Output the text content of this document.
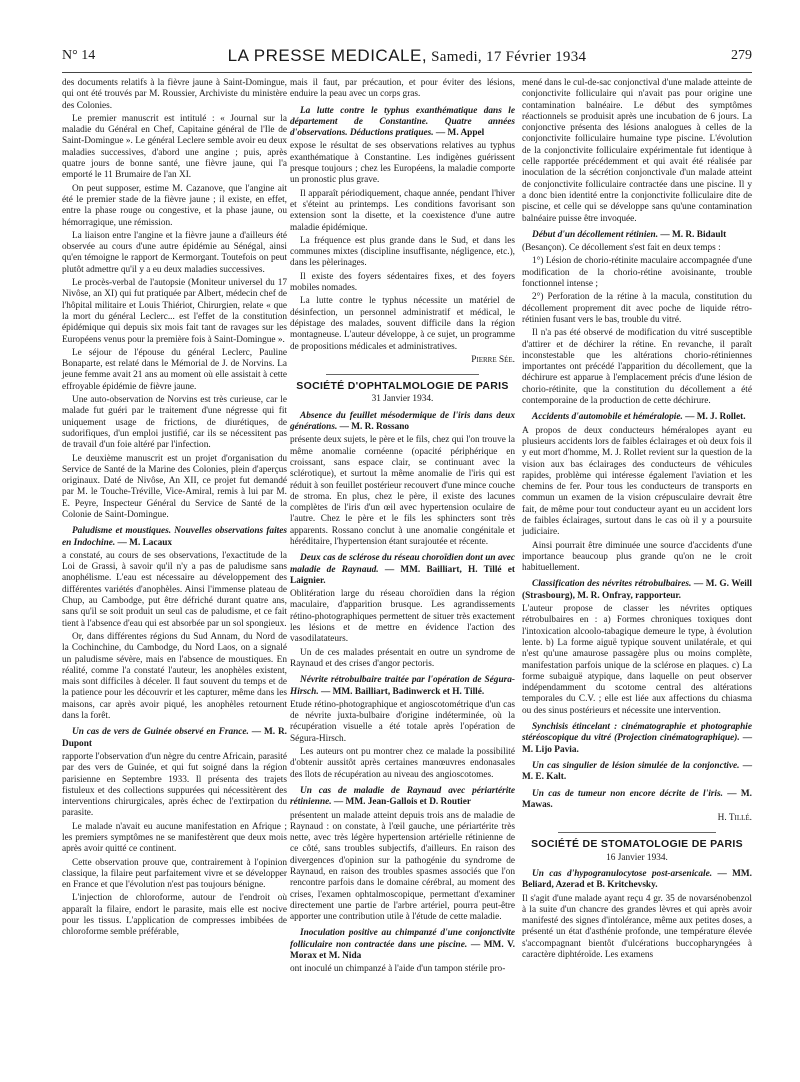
N° 14	LA PRESSE MEDICALE, Samedi, 17 Février 1934	279

des documents relatifs à la fièvre jaune à Saint-Domingue, qui ont été trouvés par M. Roussier, Archiviste du ministère des Colonies.

Le premier manuscrit est intitulé : « Journal sur la maladie du Général en Chef, Capitaine général de l'Ile de Saint-Domingue ». Le général Leclere semble avoir eu deux maladies successives, d'abord une angine ; puis, après quatre jours de bonne santé, une fièvre jaune, qui l'a emporté le 11 Brumaire de l'an XI.

On peut supposer, estime M. Cazanove, que l'angine ait été le premier stade de la fièvre jaune ; il existe, en effet, entre la phase rouge ou congestive, et la phase jaune, ou hémorragique, une rémission.

La liaison entre l'angine et la fièvre jaune a d'ailleurs été observée au cours d'une autre épidémie au Sénégal, ainsi qu'en témoigne le rapport de Kermorgant. Toutefois on peut plutôt admettre qu'il y a eu deux maladies successives.

Le procès-verbal de l'autopsie (Moniteur universel du 17 Nivôse, an XI) qui fut pratiquée par Albert, médecin chef de l'hôpital militaire et Louis Thiériot, Chirurgien, relate « que la mort du général Leclerc... est l'effet de la constitution épidémique qui depuis six mois fait tant de ravages sur les Européens venus pour la première fois à Saint-Domingue ».

Le séjour de l'épouse du général Leclerc, Pauline Bonaparte, est relaté dans le Mémorial de J. de Norvins. La jeune femme avait 21 ans au moment où elle assistait à cette effroyable épidémie de fièvre jaune.

Une auto-observation de Norvins est très curieuse, car le malade fut guéri par le traitement d'une négresse qui fit uniquement usage de frictions, de diurétiques, de sudorifiques, d'un emploi justifié, car ils se nécessitent pas de travail d'un foie altéré par l'infection.

Le deuxième manuscrit est un projet d'organisation du Service de Santé de la Marine des Colonies, plein d'aperçus originaux. Daté de Nivôse, An XII, ce projet fut demandé par M. le Touche-Tréville, Vice-Amiral, remis à lui par M. E. Peyre, Inspecteur Général du Service de Santé de la Colonie de Saint-Domingue.

Paludisme et moustiques. Nouvelles observations faites en Indochine. — M. Lacaux

a constaté, au cours de ses observations, l'exactitude de la Loi de Grassi, à savoir qu'il n'y a pas de paludisme sans anophélisme. L'eau est nécessaire au développement des différentes variétés d'anophèles. Ainsi l'immense plateau de Chup, au Cambodge, put être défriché durant quatre ans, sans qu'il se soit produit un seul cas de paludisme, et ce fait tient à l'absence d'eau qui est absorbée par un sol spongieux.

Or, dans différentes régions du Sud Annam, du Nord de la Cochinchine, du Cambodge, du Nord Laos, on a signalé un paludisme sévère, mais en l'absence de moustiques. En réalité, comme l'a constaté l'auteur, les anophèles existent, mais sont difficiles à déceler. Il faut souvent du temps et de la patience pour les découvrir et les capturer, même dans les maisons, car après avoir piqué, les anophèles retournent dans la forêt.

Un cas de vers de Guinée observé en France. — M. R. Dupont

rapporte l'observation d'un nègre du centre Africain, parasité par des vers de Guinée, et qui fut soigné dans la région parisienne en Septembre 1933. Il présenta des trajets fistuleux et des collections suppurées qui nécessitèrent des interventions chirurgicales, après échec de l'extirpation du parasite.

Le malade n'avait eu aucune manifestation en Afrique ; les premiers symptômes ne se manifestèrent que deux mois après avoir quitté ce continent.

Cette observation prouve que, contrairement à l'opinion classique, la filaire peut parfaitement vivre et se développer en France et que l'évolution n'est pas toujours bénigne.

L'injection de chloroforme, autour de l'endroit où apparaît la filaire, endort le parasite, mais elle est nocive pour les tissus. L'application de compresses imbibées de chloroforme semble préférable,

mais il faut, par précaution, et pour éviter des lésions, enduire la peau avec un corps gras.

La lutte contre le typhus exanthématique dans le département de Constantine. Quatre années d'observations. Déductions pratiques. — M. Appel

expose le résultat de ses observations relatives au typhus exanthématique à Constantine. Les indigènes guérissent presque toujours ; chez les Européens, la maladie comporte un pronostic plus grave.

Il apparaît périodiquement, chaque année, pendant l'hiver et s'éteint au printemps. Les conditions favorisant son extension sont la disette, et la coexistence d'une autre maladie épidémique.

La fréquence est plus grande dans le Sud, et dans les communes mixtes (discipline insuffisante, négligence, etc.), dans les pèlerinages.

Il existe des foyers sédentaires fixes, et des foyers mobiles nomades.

La lutte contre le typhus nécessite un matériel de désinfection, un personnel administratif et médical, le dépistage des malades, souvent difficile dans la région montagneuse. L'auteur développe, à ce sujet, un programme de propositions médicales et administratives.

Pierre Sée.

SOCIÉTÉ D'OPHTALMOLOGIE DE PARIS

31 Janvier 1934.

Absence du feuillet mésodermique de l'iris dans deux générations. — M. R. Rossano

présente deux sujets, le père et le fils, chez qui l'on trouve la même anomalie cornéenne (opacité périphérique en croissant, sans espace clair, se continuant avec la sclérotique), et surtout la même anomalie de l'iris qui est réduit à son feuillet postérieur recouvert d'une mince couche de stroma. En plus, chez le père, il existe des lacunes complètes de l'iris d'un œil avec hypertension oculaire de l'autre. Chez le père et le fils les sphincters sont très apparents. Rossano conclut à une anomalie congénitale et héréditaire, l'hypertension étant surajoutée et récente.

Deux cas de sclérose du réseau choroïdien dont un avec maladie de Raynaud. — MM. Bailliart, H. Tillé et Laignier.

Oblitération large du réseau choroïdien dans la région maculaire, d'apparition brusque. Les agrandissements rétino-photographiques permettent de situer très exactement les lésions et de mettre en évidence l'action des vasodilatateurs.

Un de ces malades présentait en outre un syndrome de Raynaud et des crises d'angor pectoris.

Névrite rétrobulbaire traitée par l'opération de Ségura-Hirsch. — MM. Bailliart, Badinwerck et H. Tillé.

Etude rétino-photographique et angioscotométrique d'un cas de névrite juxta-bulbaire d'origine indéterminée, où la récupération visuelle a été totale après l'opération de Ségura-Hirsch.

Les auteurs ont pu montrer chez ce malade la possibilité d'obtenir aussitôt après certaines manœuvres endonasales des îlots de récupération au niveau des angioscotomes.

Un cas de maladie de Raynaud avec périartérite rétinienne. — MM. Jean-Gallois et D. Routier

présentent un malade atteint depuis trois ans de maladie de Raynaud : on constate, à l'œil gauche, une périartérite très nette, avec très légère hypertension artérielle rétinienne de ce côté, sans troubles subjectifs, d'ailleurs. En raison des divergences d'opinion sur la pathogénie du syndrome de Raynaud, en raison des troubles spasmes associés que l'on rencontre parfois dans le domaine cérébral, au moment des crises, l'examen ophtalmoscopique, permettant d'examiner directement une partie de l'arbre artériel, pourra peut-être apporter une contribution utile à l'étude de cette maladie.

Inoculation positive au chimpanzé d'une conjonctivite folliculaire non contractée dans une piscine. — MM. V. Morax et M. Nida

ont inoculé un chimpanzé à l'aide d'un tampon stérile pro-

mené dans le cul-de-sac conjonctival d'une malade atteinte de conjonctivite folliculaire qui n'avait pas pour origine une contamination balnéaire. Le début des symptômes réactionnels se produisit après une incubation de 6 jours. La conjonctive présenta des lésions analogues à celles de la conjonctivite folliculaire humaine type piscine. L'évolution de la conjonctivite folliculaire expérimentale fut identique à celle rapportée précédemment et qui avait été réalisée par inoculation de la sécrétion conjonctivale d'un malade atteint de conjonctivite folliculaire contractée dans une piscine. Il y a donc bien identité entre la conjonctivite folliculaire dite de piscine, et celle qui se développe sans qu'une contamination balnéaire puisse être invoquée.

Début d'un décollement rétinien. — M. R. Bidault

(Besançon). Ce décollement s'est fait en deux temps :

1°) Lésion de chorio-rétinite maculaire accompagnée d'une modification de la chorio-rétine avoisinante, trouble fonctionnel intense ;

2°) Perforation de la rétine à la macula, constitution du décollement proprement dit avec poche de liquide rétro-rétinien fusant vers le bas, trouble du vitré.

Il n'a pas été observé de modification du vitré susceptible d'attirer et de déchirer la rétine. En revanche, il paraît inconstestable que les altérations chorio-rétiniennes importantes ont précédé l'apparition du décollement, que la déchirure est apparue à l'emplacement précis d'une lésion de chorio-rétinite, que la constitution du décollement a été contemporaine de la production de cette déchirure.

Accidents d'automobile et héméralopie. — M. J. Rollet.

A propos de deux conducteurs héméralopes ayant eu plusieurs accidents lors de faibles éclairages et où deux fois il y eut mort d'homme, M. J. Rollet revient sur la question de la vision aux bas éclairages des conducteurs de véhicules rapides, problème qui intéresse également l'aviation et les chemins de fer. Pour tous les conducteurs de transports en commun un examen de la vision crépusculaire devrait être fait, de même pour tout conducteur ayant eu un accident lors de faibles éclairages, surtout dans le cas où il y a poursuite judiciaire.

Ainsi pourrait être diminuée une source d'accidents d'une importance beaucoup plus grande qu'on ne le croit habituellement.

Classification des névrites rétrobulbaires. — M. G. Weill (Strasbourg), M. R. Onfray, rapporteur.

L'auteur propose de classer les névrites optiques rétrobulbaires en : a) Formes chroniques toxiques dont l'intoxication alcoolo-tabagique demeure le type, à évolution lente. b) La forme aiguë typique souvent unilatérale, et qui n'est qu'une amaurose passagère plus ou moins complète, manifestation parfois unique de la sclérose en plaques. c) La forme subaiguë atypique, dans laquelle on peut observer indépendamment du scotome central des altérations temporales du C.V. ; elle est liée aux affections du chiasma ou des sinus postérieurs et nécessite une intervention.

Synchisis étincelant : cinématographie et photographie stéréoscopique du vitré (Projection cinématographique). — M. Lijo Pavia.

Un cas singulier de lésion simulée de la conjonctive. — M. E. Kalt.

Un cas de tumeur non encore décrite de l'iris. — M. Mawas.

H. Tillé.

SOCIÉTÉ DE STOMATOLOGIE DE PARIS

16 Janvier 1934.

Un cas d'hypogranulocytose post-arsenicale. — MM. Beliard, Azerad et B. Kritchevsky.

Il s'agit d'une malade ayant reçu 4 gr. 35 de novarsénobenzol à la suite d'un chancre des grandes lèvres et qui après avoir manifesté des signes d'intolérance, même aux petites doses, a présenté un état d'asthénie profonde, une température élevée s'accompagnant bientôt d'ulcérations buccopharyngées à caractère diphtéroïde. Les examens
